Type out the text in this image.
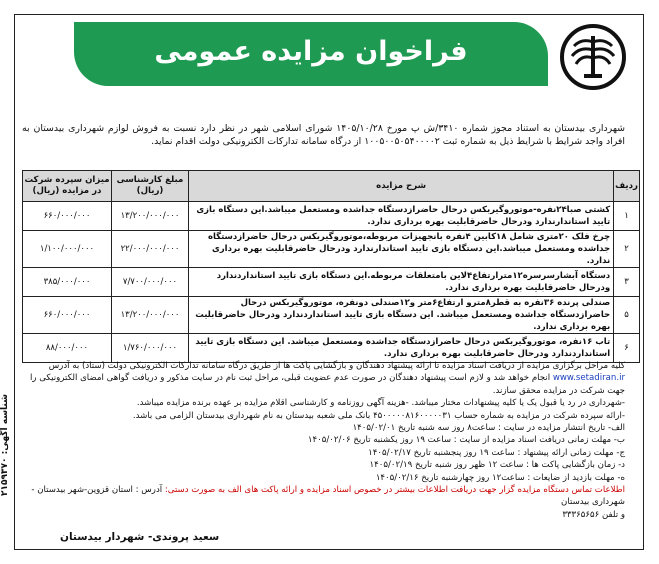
فراخوان مزایده عمومی
شهرداری بیدستان به استناد مجوز شماره ۳۴۱۰/ش پ مورخ ۱۴۰۵/۱۰/۲۸ شورای اسلامی شهر در نظر دارد نسبت به فروش لوازم شهرداری بیدستان به افراد واجد شرایط با شرایط ذیل به شماره ثبت ۱۰۰۵۰۰۵۰۵۴۰۰۰۰۲ از درگاه سامانه تدارکات الکترونیکی دولت اقدام نماید.
ردیف	شرح مزایده	مبلغ کارشناسی (ریال)	میزان سپرده شرکت در مزایده (ریال)
۱	کشتی صبا۲۴نفره-موتوروگیربکس درحال حاضرازدستگاه جداشده ومستعمل میباشد.این دستگاه بازی تایید استاندارندارد ودرحال حاضرقابلیت بهره برداری ندارد.	۱۳/۲۰۰/۰۰۰/۰۰۰	۶۶۰/۰۰۰/۰۰۰
۲	چرخ فلک ۲۰متری شامل ۱۸کابین ۴نفره بانجهیزات مربوطه،موتوروگیربکس درحال حاضرازدستگاه جداشده ومستعمل میباشد.این دستگاه بازی تایید استاندارندارد ودرحال حاضرقابلیت بهره برداری ندارد.	۲۲/۰۰۰/۰۰۰/۰۰۰	۱/۱۰۰/۰۰۰/۰۰۰
۳	دستگاه آبشارسرسره۱۲مترارتفاع۴لاین بامتعلقات مربوطه.این دستگاه بازی تایید استانداردندارد ودرحال حاضرقابلیت بهره برداری ندارد.	۷/۷۰۰/۰۰۰/۰۰۰	۳۸۵/۰۰۰/۰۰۰
۵	صندلی پرنده ۳۶نفره به قطر۸مترو ارتفاع۶متر و۱۲صندلی دونفره، موتوروگیربکس درحال حاضرازدستگاه جداشده ومستعمل میباشد. این دستگاه بازی تایید استانداردندارد ودرحال حاضرقابلیت بهره برداری ندارد.	۱۳/۲۰۰/۰۰۰/۰۰۰	۶۶۰/۰۰۰/۰۰۰
۶	تاب ۱۶نفره، موتوروگیربکس درحال حاضرازدستگاه جداشده ومستعمل میباشد. این دستگاه بازی تایید استانداردندارد ودرحال حاضرقابلیت بهره برداری ندارد.	۱/۷۶۰/۰۰۰/۰۰۰	۸۸/۰۰۰/۰۰۰

کلیه مراحل برگزاری مزایده از دریافت اسناد مزایده تا ارائه پیشنهاد دهندگان و بازگشایی پاکت ها از طریق درگاه سامانه تدارکات الکترونیکی دولت (ستاد) به آدرس www.setadiran.ir انجام خواهد شد و لازم است پیشنهاد دهندگان در صورت عدم عضویت قبلی، مراحل ثبت نام در سایت مذکور و دریافت گواهی امضای الکترونیکی را جهت شرکت در مزایده محقق سازند.

-شهرداری در رد یا قبول یک یا کلیه پیشنهادات مختار میباشد. -هزینه آگهی روزنامه و کارشناسی اقلام مزایده بر عهده برنده مزایده میباشد.

-ارائه سپرده شرکت در مزایده به شماره حساب ۴۵۰۰۰۰۰۸۱۶۰۰۰۰۰۳۱ بانک ملی شعبه بیدستان به نام شهرداری بیدستان الزامی می باشد.

الف- تاریخ انتشار مزایده در سایت : ساعت۸ روز سه شنبه تاریخ ۱۴۰۵/۰۲/۰۱

ب- مهلت زمانی دریافت اسناد مزایده از سایت : ساعت ۱۹ روز یکشنبه تاریخ ۱۴۰۵/۰۲/۰۶

ج- مهلت زمانی ارائه پیشنهاد : ساعت ۱۹ روز پنجشنبه تاریخ ۱۴۰۵/۰۲/۱۷

د- زمان بازگشایی پاکت ها : ساعت ۱۲ ظهر روز شنبه تاریخ ۱۴۰۵/۰۲/۱۹

ه- مهلت بازدید از ضایعات : ساعت۱۲ روز چهارشنبه تاریخ ۱۴۰۵/۰۲/۱۶

اطلاعات تماس دستگاه مزایده گزار جهت دریافت اطلاعات بیشتر در خصوص اسناد مزایده و ارائه پاکت های الف به صورت دستی: آدرس : استان قزوین-شهر بیدستان - شهرداری بیدستان

و تلفن ۳۳۳۶۵۶۵۶

شناسه آگهی: ۲۱۵۹۳۷۰
سعید پروندی- شهردار بیدستان
